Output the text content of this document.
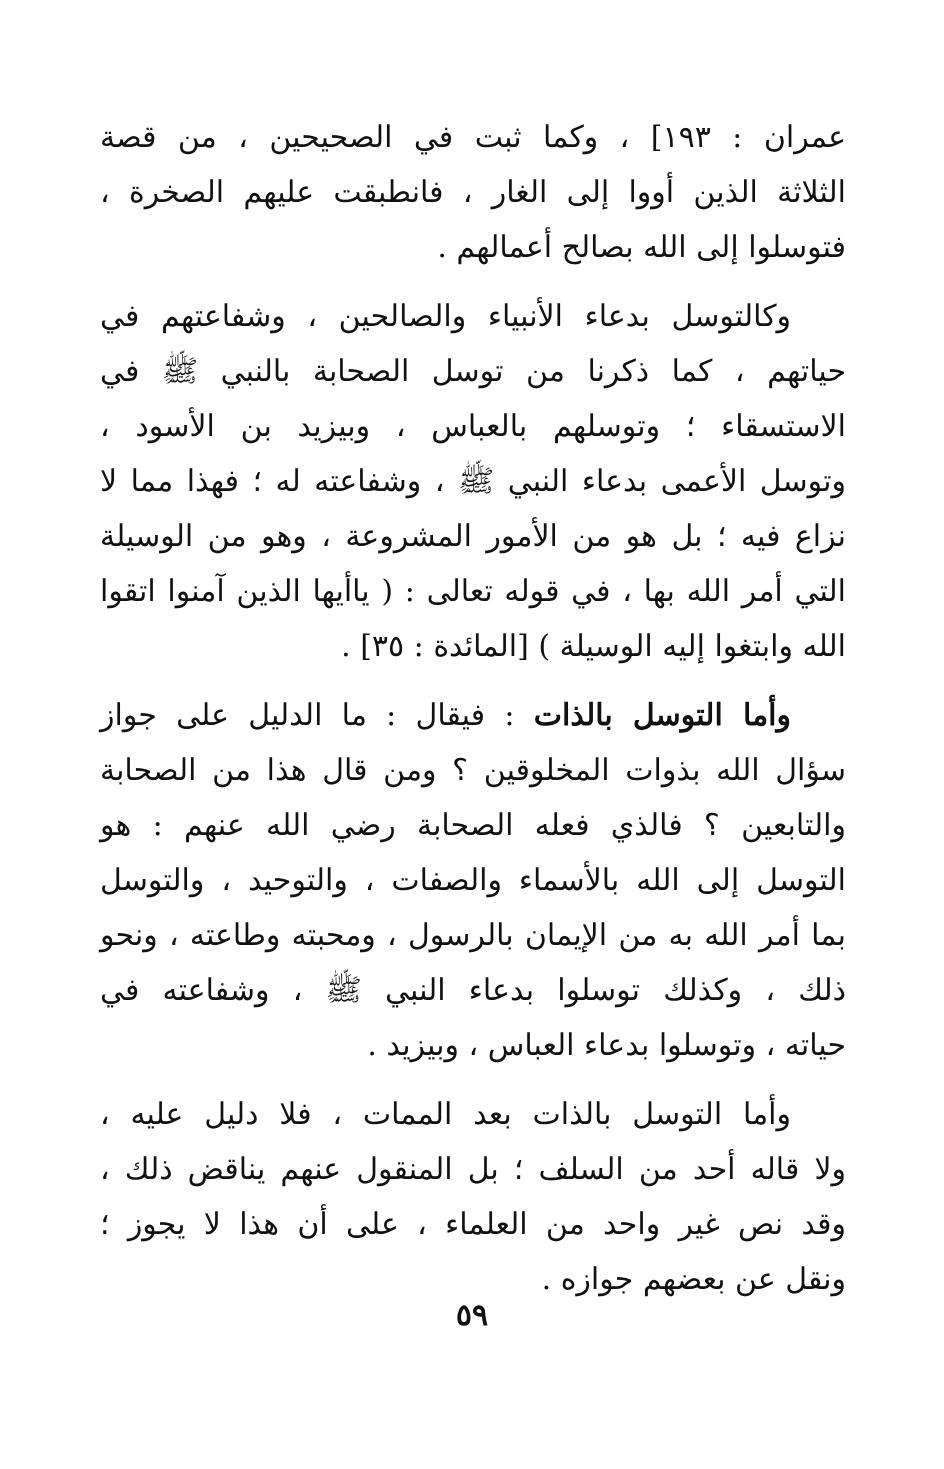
عمران : ١٩٣] ، وكما ثبت في الصحيحين ، من قصة
الثلاثة الذين أووا إلى الغار ، فانطبقت عليهم الصخرة ،
فتوسلوا إلى الله بصالح أعمالهم .
وكالتوسل بدعاء الأنبياء والصالحين ، وشفاعتهم في
حياتهم ، كما ذكرنا من توسل الصحابة بالنبي ﷺ في
الاستسقاء ؛ وتوسلهم بالعباس ، وبيزيد بن الأسود ،
وتوسل الأعمى بدعاء النبي ﷺ ، وشفاعته له ؛ فهذا مما لا
نزاع فيه ؛ بل هو من الأمور المشروعة ، وهو من الوسيلة
التي أمر الله بها ، في قوله تعالى : ( ياأيها الذين آمنوا اتقوا
الله وابتغوا إليه الوسيلة ) [المائدة : ٣٥] .
وأما التوسل بالذات : فيقال : ما الدليل على جواز
سؤال الله بذوات المخلوقين ؟ ومن قال هذا من الصحابة
والتابعين ؟ فالذي فعله الصحابة رضي الله عنهم : هو
التوسل إلى الله بالأسماء والصفات ، والتوحيد ، والتوسل
بما أمر الله به من الإيمان بالرسول ، ومحبته وطاعته ، ونحو
ذلك ، وكذلك توسلوا بدعاء النبي ﷺ ، وشفاعته في
حياته ، وتوسلوا بدعاء العباس ، وبيزيد .
وأما التوسل بالذات بعد الممات ، فلا دليل عليه ،
ولا قاله أحد من السلف ؛ بل المنقول عنهم يناقض ذلك ،
وقد نص غير واحد من العلماء ، على أن هذا لا يجوز ؛
ونقل عن بعضهم جوازه .
٥٩
